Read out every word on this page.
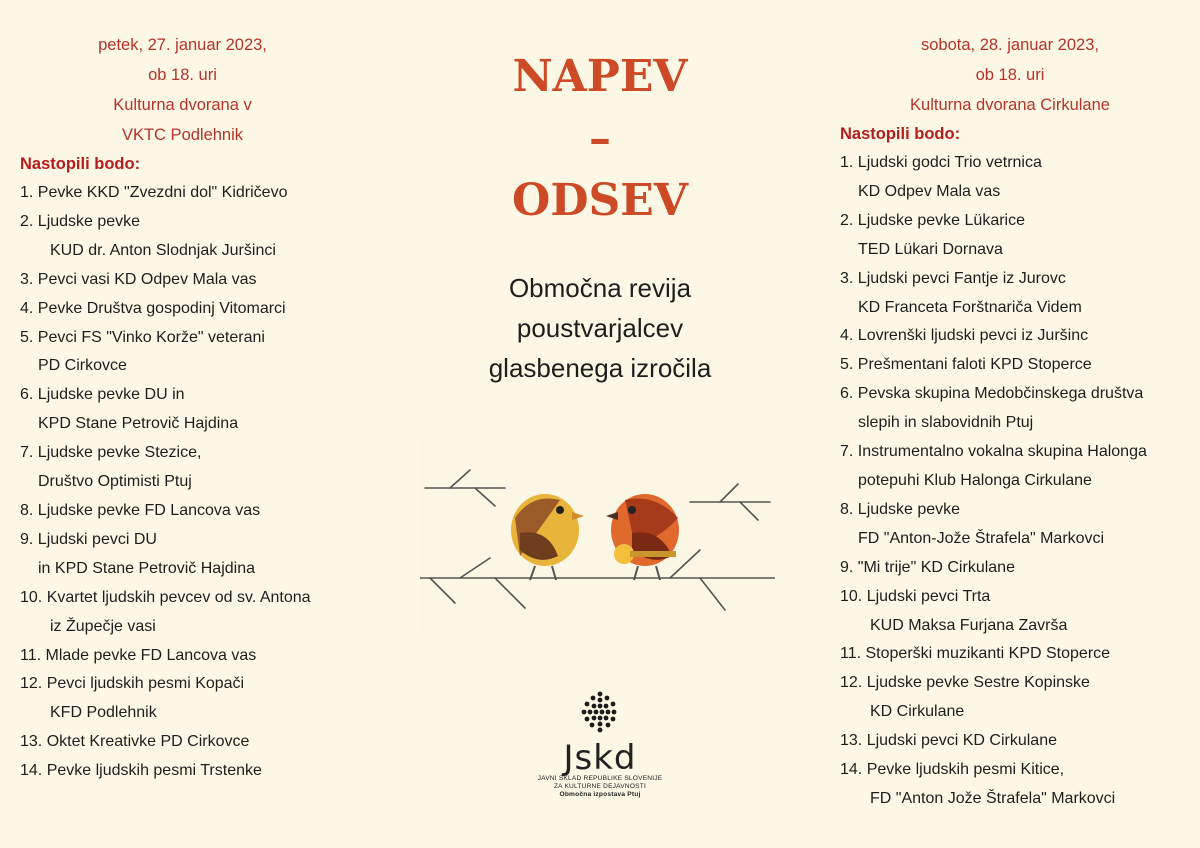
petek, 27. januar 2023,
ob 18. uri
Kulturna dvorana v
VKTC Podlehnik
Nastopili bodo:
1. Pevke KKD "Zvezdni dol" Kidričevo
2. Ljudske pevke
KUD dr. Anton Slodnjak Juršinci
3. Pevci vasi KD Odpev Mala vas
4. Pevke Društva gospodinj Vitomarci
5. Pevci FS "Vinko Korže" veterani
PD Cirkovce
6. Ljudske pevke DU in
KPD Stane Petrovič Hajdina
7. Ljudske pevke Stezice,
Društvo Optimisti Ptuj
8. Ljudske pevke FD Lancova vas
9. Ljudski pevci DU
in KPD Stane Petrovič Hajdina
10. Kvartet ljudskih pevcev od sv. Antona
iz Župečje vasi
11. Mlade pevke FD Lancova vas
12. Pevci ljudskih pesmi Kopači
KFD Podlehnik
13. Oktet Kreativke PD Cirkovce
14. Pevke ljudskih pesmi Trstenke
NAPEV
–
ODSEV
Območna revija
poustvarjalcev
glasbenega izročila
Jskd
JAVNI SKLAD REPUBLIKE SLOVENIJE
ZA KULTURNE DEJAVNOSTI
Območna izpostava Ptuj
sobota, 28. januar 2023,
ob 18. uri
Kulturna dvorana Cirkulane
Nastopili bodo:
1. Ljudski godci Trio vetrnica
KD Odpev Mala vas
2. Ljudske pevke Lükarice
TED Lükari Dornava
3. Ljudski pevci Fantje iz Jurovc
KD Franceta Forštnariča Videm
4. Lovrenški ljudski pevci iz Juršinc
5. Prešmentani faloti KPD Stoperce
6. Pevska skupina Medobčinskega društva
slepih in slabovidnih Ptuj
7. Instrumentalno vokalna skupina Halonga
potepuhi Klub Halonga Cirkulane
8. Ljudske pevke
FD "Anton-Jože Štrafela" Markovci
9. "Mi trije" KD Cirkulane
10. Ljudski pevci Trta
KUD Maksa Furjana Završa
11. Stoperški muzikanti KPD Stoperce
12. Ljudske pevke Sestre Kopinske
KD Cirkulane
13. Ljudski pevci KD Cirkulane
14. Pevke ljudskih pesmi Kitice,
FD "Anton Jože Štrafela" Markovci
